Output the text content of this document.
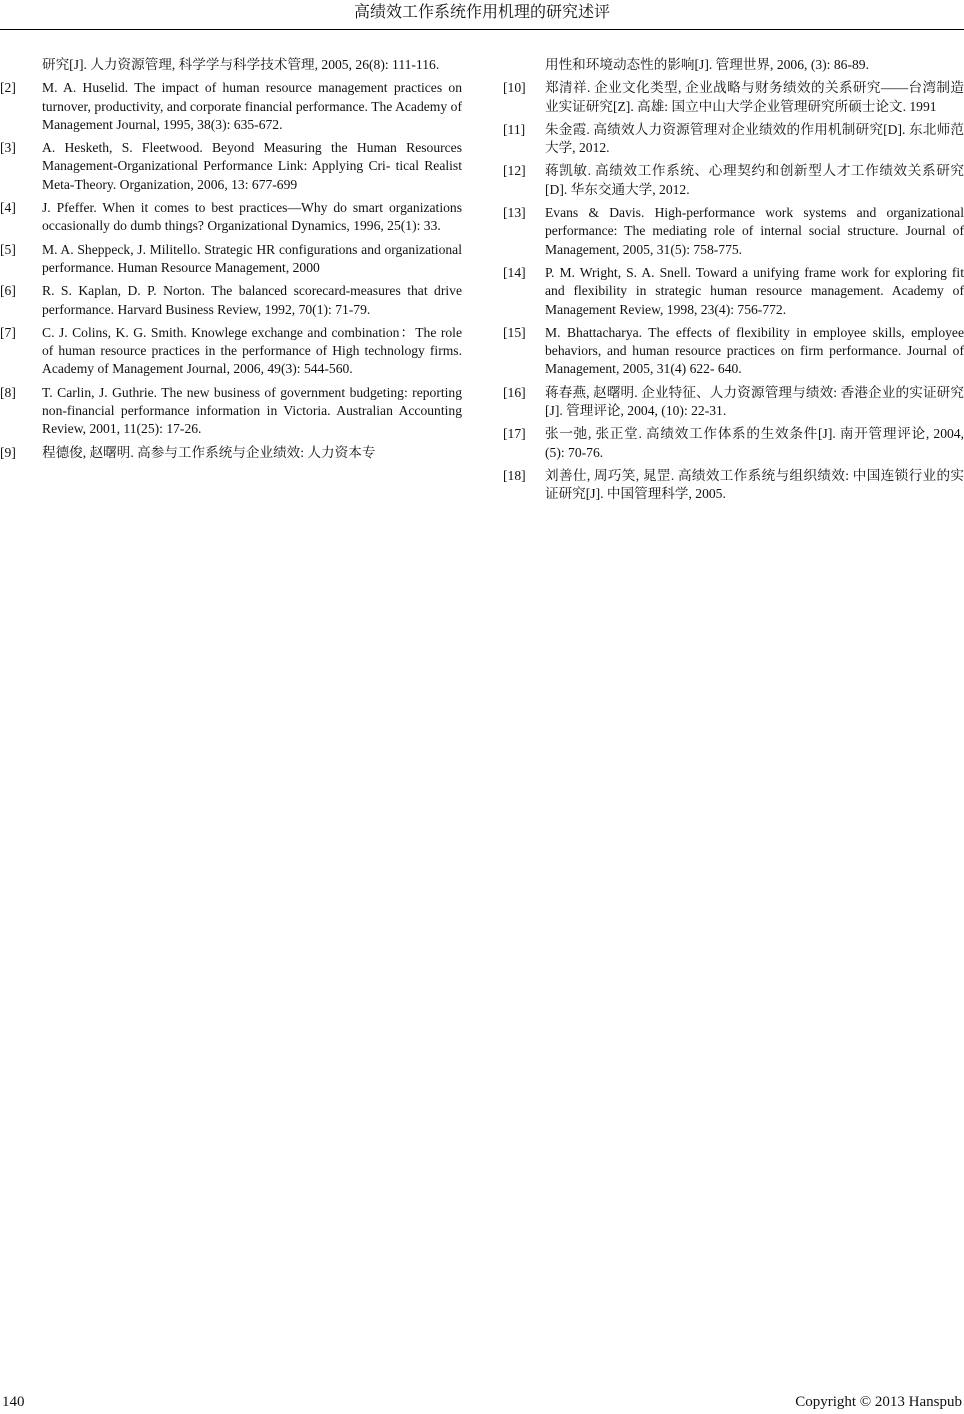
高绩效工作系统作用机理的研究述评
研究[J]. 人力资源管理, 科学学与科学技术管理, 2005, 26(8): 111-116.
[2] M. A. Huselid. The impact of human resource management practices on turnover, productivity, and corporate financial performance. The Academy of Management Journal, 1995, 38(3): 635-672.
[3] A. Hesketh, S. Fleetwood. Beyond Measuring the Human Resources Management-Organizational Performance Link: Applying Cri- tical Realist Meta-Theory. Organization, 2006, 13: 677-699
[4] J. Pfeffer. When it comes to best practices—Why do smart organizations occasionally do dumb things? Organizational Dynamics, 1996, 25(1): 33.
[5] M. A. Sheppeck, J. Militello. Strategic HR configurations and organizational performance. Human Resource Management, 2000
[6] R. S. Kaplan, D. P. Norton. The balanced scorecard-measures that drive performance. Harvard Business Review, 1992, 70(1): 71-79.
[7] C. J. Colins, K. G. Smith. Knowlege exchange and combination：The role of human resource practices in the performance of High technology firms. Academy of Management Journal, 2006, 49(3): 544-560.
[8] T. Carlin, J. Guthrie. The new business of government budgeting: reporting non-financial performance information in Victoria. Australian Accounting Review, 2001, 11(25): 17-26.
[9] 程德俊, 赵曙明. 高参与工作系统与企业绩效: 人力资本专
用性和环境动态性的影响[J]. 管理世界, 2006, (3): 86-89.
[10] 郑清祥. 企业文化类型, 企业战略与财务绩效的关系研究——台湾制造业实证研究[Z]. 高雄: 国立中山大学企业管理研究所硕士论文. 1991
[11] 朱金霞. 高绩效人力资源管理对企业绩效的作用机制研究[D]. 东北师范大学, 2012.
[12] 蒋凯敏. 高绩效工作系统、心理契约和创新型人才工作绩效关系研究[D]. 华东交通大学, 2012.
[13] Evans & Davis. High-performance work systems and organizational performance: The mediating role of internal social structure. Journal of Management, 2005, 31(5): 758-775.
[14] P. M. Wright, S. A. Snell. Toward a unifying frame work for exploring fit and flexibility in strategic human resource management. Academy of Management Review, 1998, 23(4): 756-772.
[15] M. Bhattacharya. The effects of flexibility in employee skills, employee behaviors, and human resource practices on firm performance. Journal of Management, 2005, 31(4) 622- 640.
[16] 蒋春燕, 赵曙明. 企业特征、人力资源管理与绩效: 香港企业的实证研究[J]. 管理评论, 2004, (10): 22-31.
[17] 张一弛, 张正堂. 高绩效工作体系的生效条件[J]. 南开管理评论, 2004, (5): 70-76.
[18] 刘善仕, 周巧笑, 晁罡. 高绩效工作系统与组织绩效: 中国连锁行业的实证研究[J]. 中国管理科学, 2005.
140	Copyright © 2013 Hanspub
